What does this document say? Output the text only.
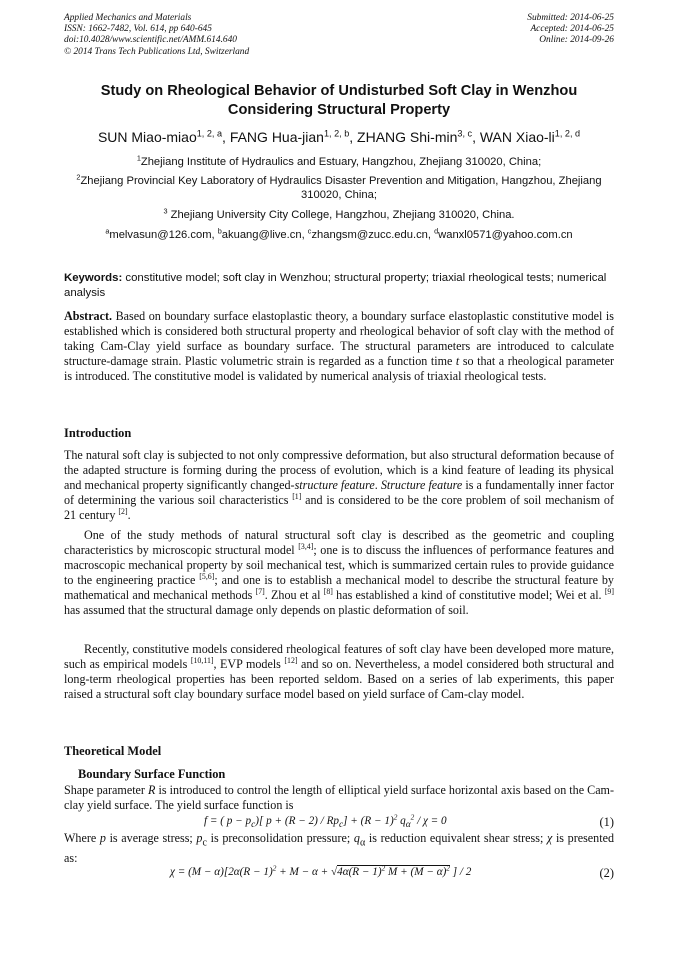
Applied Mechanics and Materials
ISSN: 1662-7482, Vol. 614, pp 640-645
doi:10.4028/www.scientific.net/AMM.614.640
© 2014 Trans Tech Publications Ltd, Switzerland
Submitted: 2014-06-25
Accepted: 2014-06-25
Online: 2014-09-26
Study on Rheological Behavior of Undisturbed Soft Clay in Wenzhou
Considering Structural Property
SUN Miao-miao$^{1, 2, a}$, FANG Hua-jian$^{1, 2, b}$, ZHANG Shi-$\min^{3, c}$, WAN Xiao-li$^{1, 2, d}$
$^1$Zhejiang Institute of Hydraulics and Estuary, Hangzhou, Zhejiang 310020, China;
$^2$Zhejiang Provincial Key Laboratory of Hydraulics Disaster Prevention and Mitigation, Hangzhou, Zhejiang 310020, China;
$^3$ Zhejiang University City College, Hangzhou, Zhejiang 310020, China.
$^a$melvasun@126.com, $^b$akuang@live.cn, $^c$zhangsm@zucc.edu.cn, $^d$wanxl0571@yahoo.com.cn
Keywords: constitutive model; soft clay in Wenzhou; structural property; triaxial rheological tests; numerical analysis
Abstract. Based on boundary surface elastoplastic theory, a boundary surface elastoplastic constitutive model is established which is considered both structural property and rheological behavior of soft clay with the method of taking Cam-Clay yield surface as boundary surface. The structural parameters are introduced to calculate structure-damage strain. Plastic volumetric strain is regarded as a function time t so that a rheological parameter is introduced. The constitutive model is validated by numerical analysis of triaxial rheological tests.
Introduction
The natural soft clay is subjected to not only compressive deformation, but also structural deformation because of the adapted structure is forming during the process of evolution, which is a kind feature of leading its physical and mechanical property significantly changed-structure feature. Structure feature is a fundamentally inner factor of determining the various soil characteristics [1] and is considered to be the core problem of soil mechanism of 21 century [2].
One of the study methods of natural structural soft clay is described as the geometric and coupling characteristics by microscopic structural model [3,4]; one is to discuss the influences of performance features and macroscopic mechanical property by soil mechanical test, which is summarized certain rules to provide guidance to the engineering practice [5,6]; and one is to establish a mechanical model to describe the structural feature by mathematical and mechanical methods [7]. Zhou et al [8] has established a kind of constitutive model; Wei et al. [9] has assumed that the structural damage only depends on plastic deformation of soil.
Recently, constitutive models considered rheological features of soft clay have been developed more mature, such as empirical models [10,11], EVP models [12] and so on. Nevertheless, a model considered both structural and long-term rheological properties has been reported seldom. Based on a series of lab experiments, this paper raised a structural soft clay boundary surface model based on yield surface of Cam-clay model.
Theoretical Model
Boundary Surface Function
Shape parameter R is introduced to control the length of elliptical yield surface horizontal axis based on the Cam-clay yield surface. The yield surface function is
f = ( $p - p_c$)[ $p + (R - 2) / Rp_c] + (R - 1)^2$ $q_\alpha^2 / \chi = 0$	(1)
Where p is average stress; $p_c$ is preconsolidation pressure; $q_\alpha$ is reduction equivalent shear stress; χ is presented as:
$\chi = (M - \alpha)[2\alpha(R - 1)^2 + M - \alpha + √4\alpha(R - 1)^2$ $M + (M - \alpha)^2$ ] / 2	(2)
